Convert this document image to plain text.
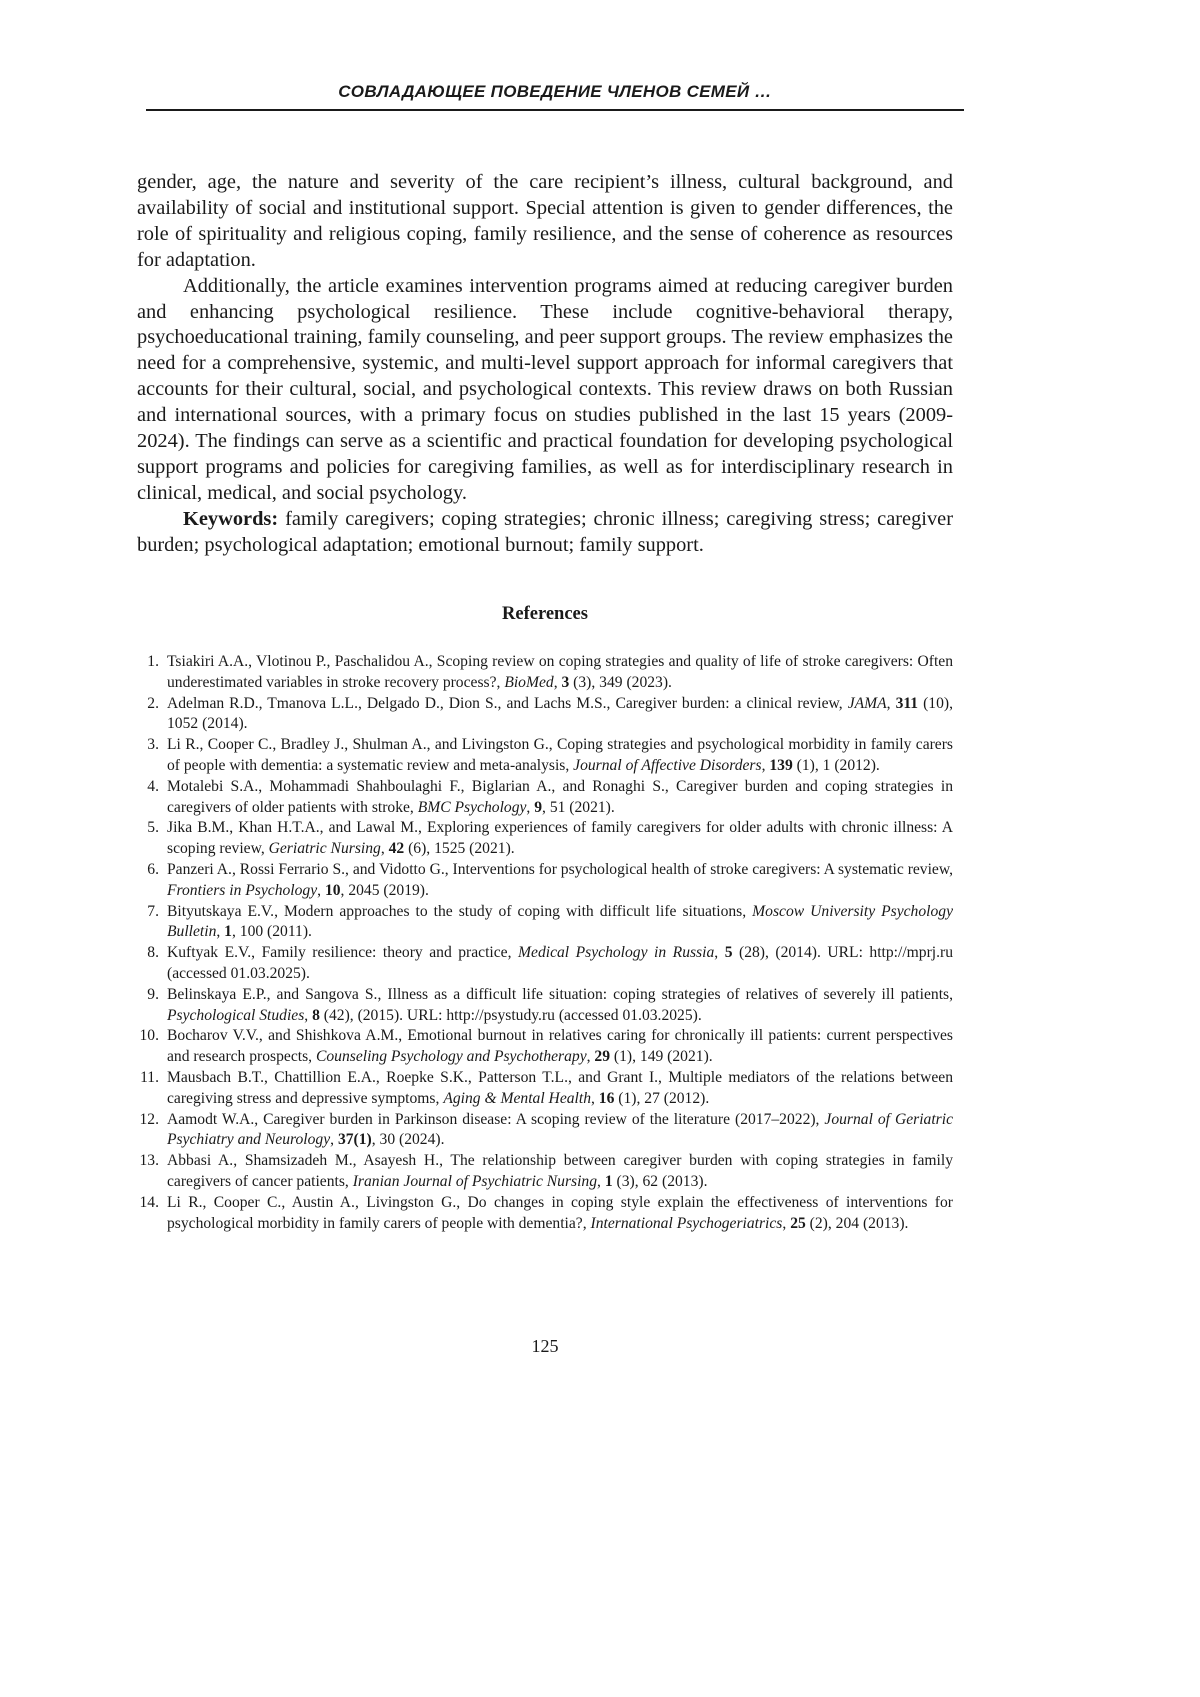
СОВЛАДАЮЩЕЕ ПОВЕДЕНИЕ ЧЛЕНОВ СЕМЕЙ …

gender, age, the nature and severity of the care recipient’s illness, cultural background, and availability of social and institutional support. Special attention is given to gender differences, the role of spirituality and religious coping, family resilience, and the sense of coherence as resources for adaptation.

Additionally, the article examines intervention programs aimed at reducing caregiver burden and enhancing psychological resilience. These include cognitive-behavioral therapy, psychoeducational training, family counseling, and peer support groups. The review emphasizes the need for a comprehensive, systemic, and multi-level support approach for informal caregivers that accounts for their cultural, social, and psychological contexts. This review draws on both Russian and international sources, with a primary focus on studies published in the last 15 years (2009-2024). The findings can serve as a scientific and practical foundation for developing psychological support programs and policies for caregiving families, as well as for interdisciplinary research in clinical, medical, and social psychology.

Keywords: family caregivers; coping strategies; chronic illness; caregiving stress; caregiver burden; psychological adaptation; emotional burnout; family support.

References
1. Tsiakiri A.A., Vlotinou P., Paschalidou A., Scoping review on coping strategies and quality of life of stroke caregivers: Often underestimated variables in stroke recovery process?, BioMed, 3 (3), 349 (2023).
2. Adelman R.D., Tmanova L.L., Delgado D., Dion S., and Lachs M.S., Caregiver burden: a clinical review, JAMA, 311 (10), 1052 (2014).
3. Li R., Cooper C., Bradley J., Shulman A., and Livingston G., Coping strategies and psychological morbidity in family carers of people with dementia: a systematic review and meta-analysis, Journal of Affective Disorders, 139 (1), 1 (2012).
4. Motalebi S.A., Mohammadi Shahboulaghi F., Biglarian A., and Ronaghi S., Caregiver burden and coping strategies in caregivers of older patients with stroke, BMC Psychology, 9, 51 (2021).
5. Jika B.M., Khan H.T.A., and Lawal M., Exploring experiences of family caregivers for older adults with chronic illness: A scoping review, Geriatric Nursing, 42 (6), 1525 (2021).
6. Panzeri A., Rossi Ferrario S., and Vidotto G., Interventions for psychological health of stroke caregivers: A systematic review, Frontiers in Psychology, 10, 2045 (2019).
7. Bityutskaya E.V., Modern approaches to the study of coping with difficult life situations, Moscow University Psychology Bulletin, 1, 100 (2011).
8. Kuftyak E.V., Family resilience: theory and practice, Medical Psychology in Russia, 5 (28), (2014). URL: http://mprj.ru (accessed 01.03.2025).
9. Belinskaya E.P., and Sangova S., Illness as a difficult life situation: coping strategies of relatives of severely ill patients, Psychological Studies, 8 (42), (2015). URL: http://psystudy.ru (accessed 01.03.2025).
10. Bocharov V.V., and Shishkova A.M., Emotional burnout in relatives caring for chronically ill patients: current perspectives and research prospects, Counseling Psychology and Psychotherapy, 29 (1), 149 (2021).
11. Mausbach B.T., Chattillion E.A., Roepke S.K., Patterson T.L., and Grant I., Multiple mediators of the relations between caregiving stress and depressive symptoms, Aging & Mental Health, 16 (1), 27 (2012).
12. Aamodt W.A., Caregiver burden in Parkinson disease: A scoping review of the literature (2017–2022), Journal of Geriatric Psychiatry and Neurology, 37(1), 30 (2024).
13. Abbasi A., Shamsizadeh M., Asayesh H., The relationship between caregiver burden with coping strategies in family caregivers of cancer patients, Iranian Journal of Psychiatric Nursing, 1 (3), 62 (2013).
14. Li R., Cooper C., Austin A., Livingston G., Do changes in coping style explain the effectiveness of interventions for psychological morbidity in family carers of people with dementia?, International Psychogeriatrics, 25 (2), 204 (2013).
125
